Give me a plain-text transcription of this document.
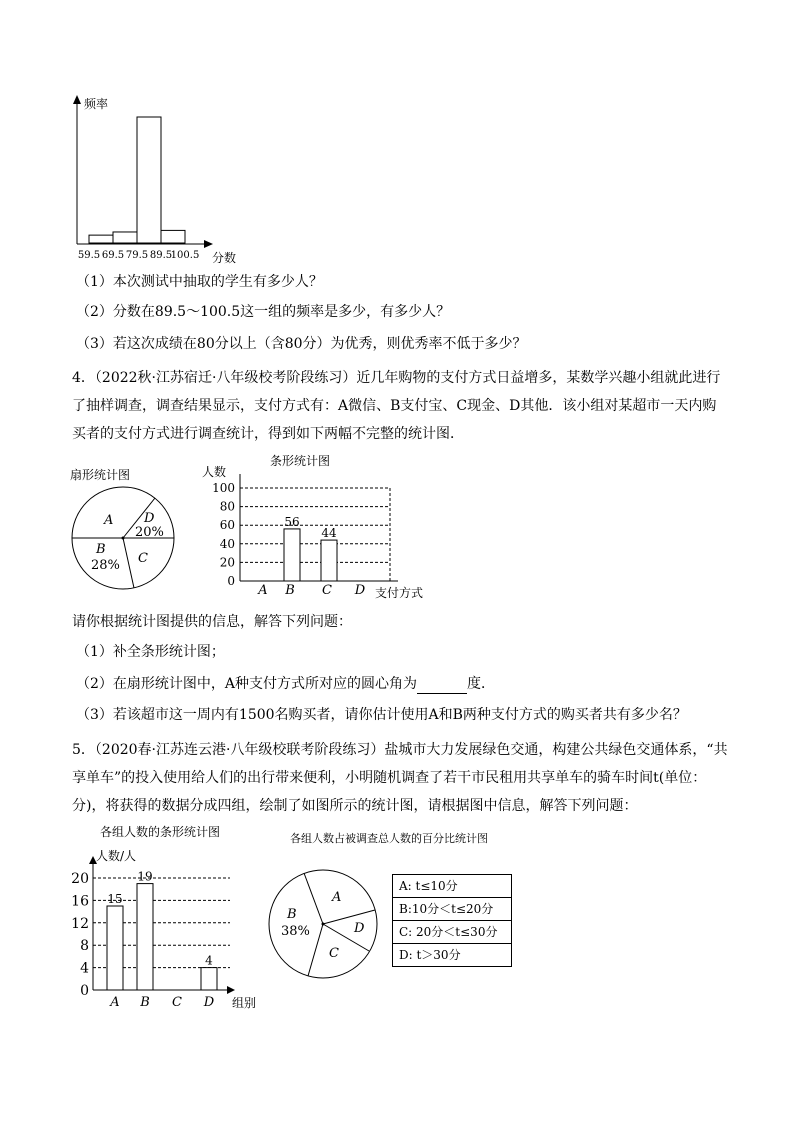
频率
分数
59.5 69.5 79.5 89.5
100.5
（1）本次测试中抽取的学生有多少人？
（2）分数在89.5～100.5这一组的频率是多少，有多少人？
（3）若这次成绩在80分以上（含80分）为优秀，则优秀率不低于多少？
4．（2022秋·江苏宿迁·八年级校考阶段练习）近几年购物的支付方式日益增多，某数学兴趣小组就此进行了抽样调查，调查结果显示，支付方式有：A微信、B支付宝、C现金、D其他．该小组对某超市一天内购买者的支付方式进行调查统计，得到如下两幅不完整的统计图．
扇形统计图
A D
20%
B
28% C
条形统计图
人数
0
20
40
60
80
100
A
56
B
44
C D 支付方式
请你根据统计图提供的信息，解答下列问题：
（1）补全条形统计图；
（2）在扇形统计图中，A种支付方式所对应的圆心角为	度．
（3）若该超市这一周内有1500名购买者，请你估计使用A和B两种支付方式的购买者共有多少名？
5．（2020春·江苏连云港·八年级校联考阶段练习）盐城市大力发展绿色交通，构建公共绿色交通体系，“共享单车”的投入使用给人们的出行带来便利，小明随机调查了若干市民租用共享单车的骑车时间t(单位：分)，将获得的数据分成四组，绘制了如图所示的统计图，请根据图中信息，解答下列问题：
各组人数的条形统计图
人数/人
0
4
8
12
16
20
15
A
19
B C
4
D 组别
各组人数占被调查总人数的百分比统计图
A
B
38%	D
C
A: t≤10分
B:10分＜t≤20分
C: 20分＜t≤30分
D: t＞30分
